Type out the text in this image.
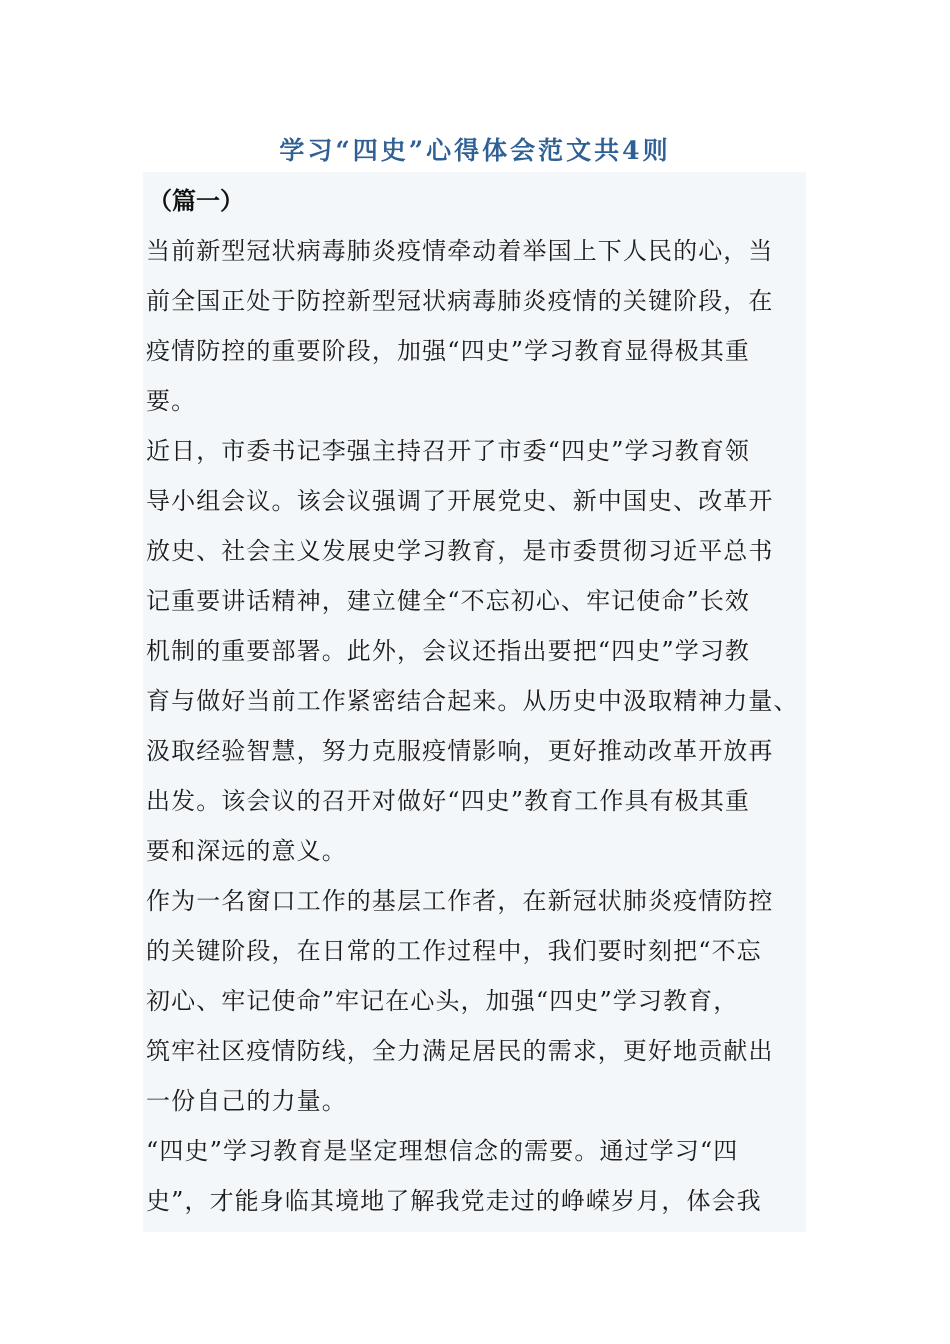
学习“四史”心得体会范文共4则
（篇一）
当前新型冠状病毒肺炎疫情牵动着举国上下人民的心，当
前全国正处于防控新型冠状病毒肺炎疫情的关键阶段，在
疫情防控的重要阶段，加强“四史”学习教育显得极其重
要。
近日，市委书记李强主持召开了市委“四史”学习教育领
导小组会议。该会议强调了开展党史、新中国史、改革开
放史、社会主义发展史学习教育，是市委贯彻习近平总书
记重要讲话精神，建立健全“不忘初心、牢记使命”长效
机制的重要部署。此外，会议还指出要把“四史”学习教
育与做好当前工作紧密结合起来。从历史中汲取精神力量、
汲取经验智慧，努力克服疫情影响，更好推动改革开放再
出发。该会议的召开对做好“四史”教育工作具有极其重
要和深远的意义。
作为一名窗口工作的基层工作者，在新冠状肺炎疫情防控
的关键阶段，在日常的工作过程中，我们要时刻把“不忘
初心、牢记使命”牢记在心头，加强“四史”学习教育，
筑牢社区疫情防线，全力满足居民的需求，更好地贡献出
一份自己的力量。
“四史”学习教育是坚定理想信念的需要。通过学习“四
史”，才能身临其境地了解我党走过的峥嵘岁月，体会我
